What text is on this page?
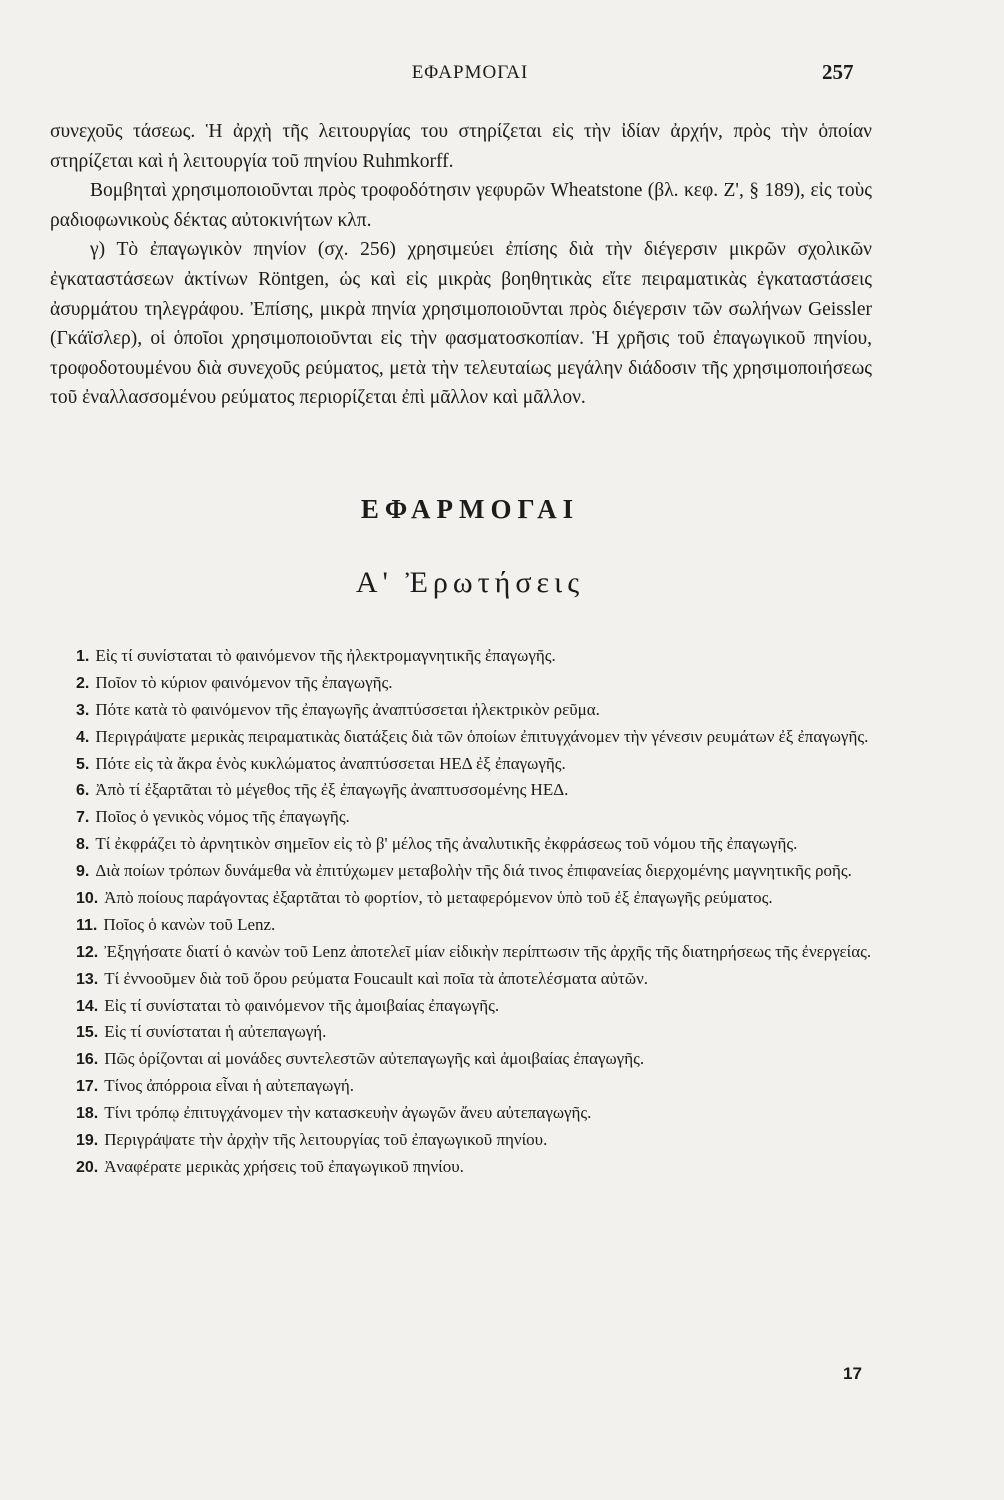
ΕΦΑΡΜΟΓΑΙ	257

συνεχοῦς τάσεως. Ἡ ἀρχὴ τῆς λειτουργίας του στηρίζεται εἰς τὴν ἰδίαν ἀρχήν, πρὸς τὴν ὁποίαν στηρίζεται καὶ ἡ λειτουργία τοῦ πηνίου Ruhmkorff.

Βομβηταὶ χρησιμοποιοῦνται πρὸς τροφοδότησιν γεφυρῶν Wheatstone (βλ. κεφ. Ζ', § 189), εἰς τοὺς ραδιοφωνικοὺς δέκτας αὐτοκινήτων κλπ.

γ) Τὸ ἐπαγωγικὸν πηνίον (σχ. 256) χρησιμεύει ἐπίσης διὰ τὴν διέγερσιν μικρῶν σχολικῶν ἐγκαταστάσεων ἀκτίνων Röntgen, ὡς καὶ εἰς μικρὰς βοηθητικὰς εἴτε πειραματικὰς ἐγκαταστάσεις ἀσυρμάτου τηλεγράφου. Ἐπίσης, μικρὰ πηνία χρησιμοποιοῦνται πρὸς διέγερσιν τῶν σωλήνων Geissler (Γκάϊσλερ), οἱ ὁποῖοι χρησιμοποιοῦνται εἰς τὴν φασματοσκοπίαν. Ἡ χρῆσις τοῦ ἐπαγωγικοῦ πηνίου, τροφοδοτουμένου διὰ συνεχοῦς ρεύματος, μετὰ τὴν τελευταίως μεγάλην διάδοσιν τῆς χρησιμοποιήσεως τοῦ ἐναλλασσομένου ρεύματος περιορίζεται ἐπὶ μᾶλλον καὶ μᾶλλον.

ΕΦΑΡΜΟΓΑΙ
Α' Ἐρωτήσεις
1. Εἰς τί συνίσταται τὸ φαινόμενον τῆς ἠλεκτρομαγνητικῆς ἐπαγωγῆς.
2. Ποῖον τὸ κύριον φαινόμενον τῆς ἐπαγωγῆς.
3. Πότε κατὰ τὸ φαινόμενον τῆς ἐπαγωγῆς ἀναπτύσσεται ἠλεκτρικὸν ρεῦμα.
4. Περιγράψατε μερικὰς πειραματικὰς διατάξεις διὰ τῶν ὁποίων ἐπιτυγχάνομεν τὴν γένεσιν ρευμάτων ἐξ ἐπαγωγῆς.
5. Πότε εἰς τὰ ἄκρα ἑνὸς κυκλώματος ἀναπτύσσεται ΗΕΔ ἐξ ἐπαγωγῆς.
6. Ἀπὸ τί ἐξαρτᾶται τὸ μέγεθος τῆς ἐξ ἐπαγωγῆς ἀναπτυσσομένης ΗΕΔ.
7. Ποῖος ὁ γενικὸς νόμος τῆς ἐπαγωγῆς.
8. Τί ἐκφράζει τὸ ἀρνητικὸν σημεῖον εἰς τὸ β' μέλος τῆς ἀναλυτικῆς ἐκφράσεως τοῦ νόμου τῆς ἐπαγωγῆς.
9. Διὰ ποίων τρόπων δυνάμεθα νὰ ἐπιτύχωμεν μεταβολὴν τῆς διά τινος ἐπιφανείας διερχομένης μαγνητικῆς ροῆς.
10. Ἀπὸ ποίους παράγοντας ἐξαρτᾶται τὸ φορτίον, τὸ μεταφερόμενον ὑπὸ τοῦ ἐξ ἐπαγωγῆς ρεύματος.
11. Ποῖος ὁ κανὼν τοῦ Lenz.
12. Ἐξηγήσατε διατί ὁ κανὼν τοῦ Lenz ἀποτελεῖ μίαν εἰδικὴν περίπτωσιν τῆς ἀρχῆς τῆς διατηρήσεως τῆς ἐνεργείας.
13. Τί ἐννοοῦμεν διὰ τοῦ ὅρου ρεύματα Foucault καὶ ποῖα τὰ ἀποτελέσματα αὐτῶν.
14. Εἰς τί συνίσταται τὸ φαινόμενον τῆς ἀμοιβαίας ἐπαγωγῆς.
15. Εἰς τί συνίσταται ἡ αὐτεπαγωγή.
16. Πῶς ὁρίζονται αἱ μονάδες συντελεστῶν αὐτεπαγωγῆς καὶ ἀμοιβαίας ἐπαγωγῆς.
17. Τίνος ἀπόρροια εἶναι ἡ αὐτεπαγωγή.
18. Τίνι τρόπῳ ἐπιτυγχάνομεν τὴν κατασκευὴν ἀγωγῶν ἄνευ αὐτεπαγωγῆς.
19. Περιγράψατε τὴν ἀρχὴν τῆς λειτουργίας τοῦ ἐπαγωγικοῦ πηνίου.
20. Ἀναφέρατε μερικὰς χρήσεις τοῦ ἐπαγωγικοῦ πηνίου.
17
